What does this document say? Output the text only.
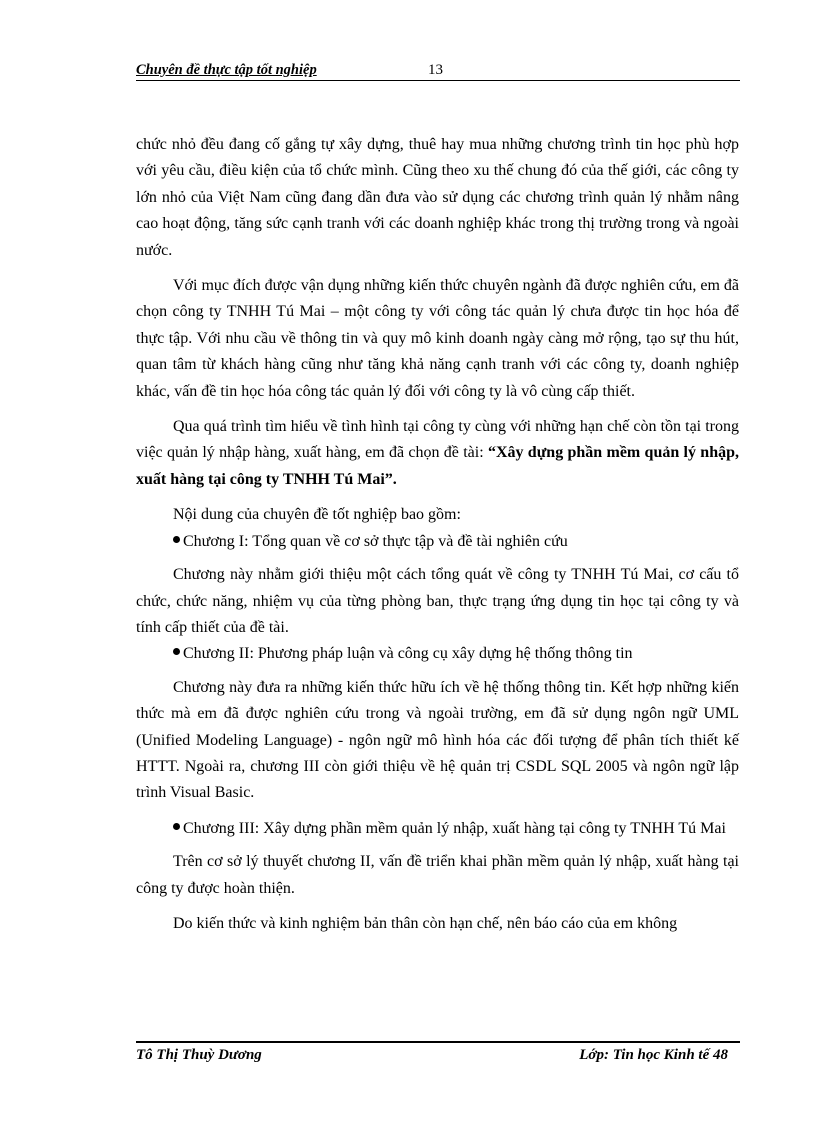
Chuyên đề thực tập tốt nghiệp	13

chức nhỏ đều đang cố gắng tự xây dựng, thuê hay mua những chương trình tin học phù hợp với yêu cầu, điều kiện của tổ chức mình. Cũng theo xu thế chung đó của thế giới, các công ty lớn nhỏ của Việt Nam cũng đang dần đưa vào sử dụng các chương trình quản lý nhằm nâng cao hoạt động, tăng sức cạnh tranh với các doanh nghiệp khác trong thị trường trong và ngoài nước.

Với mục đích được vận dụng những kiến thức chuyên ngành đã được nghiên cứu, em đã chọn công ty TNHH Tú Mai – một công ty với công tác quản lý chưa được tin học hóa để thực tập. Với nhu cầu về thông tin và quy mô kinh doanh ngày càng mở rộng, tạo sự thu hút, quan tâm từ khách hàng cũng như tăng khả năng cạnh tranh với các công ty, doanh nghiệp khác, vấn đề tin học hóa công tác quản lý đối với công ty là vô cùng cấp thiết.

Qua quá trình tìm hiểu về tình hình tại công ty cùng với những hạn chế còn tồn tại trong việc quản lý nhập hàng, xuất hàng, em đã chọn đề tài: “Xây dựng phần mềm quản lý nhập, xuất hàng tại công ty TNHH Tú Mai”.

Nội dung của chuyên đề tốt nghiệp bao gồm:

Chương I: Tổng quan về cơ sở thực tập và đề tài nghiên cứu

Chương này nhằm giới thiệu một cách tổng quát về công ty TNHH Tú Mai, cơ cấu tổ chức, chức năng, nhiệm vụ của từng phòng ban, thực trạng ứng dụng tin học tại công ty và tính cấp thiết của đề tài.

Chương II: Phương pháp luận và công cụ xây dựng hệ thống thông tin

Chương này đưa ra những kiến thức hữu ích về hệ thống thông tin. Kết hợp những kiến thức mà em đã được nghiên cứu trong và ngoài trường, em đã sử dụng ngôn ngữ UML (Unified Modeling Language) - ngôn ngữ mô hình hóa các đối tượng để phân tích thiết kế HTTT. Ngoài ra, chương III còn giới thiệu về hệ quản trị CSDL SQL 2005 và ngôn ngữ lập trình Visual Basic.

Chương III: Xây dựng phần mềm quản lý nhập, xuất hàng tại công ty TNHH Tú Mai

Trên cơ sở lý thuyết chương II, vấn đề triển khai phần mềm quản lý nhập, xuất hàng tại công ty được hoàn thiện.

Do kiến thức và kinh nghiệm bản thân còn hạn chế, nên báo cáo của em không

Tô Thị Thuỳ Dương	Lớp: Tin học Kinh tế 48
